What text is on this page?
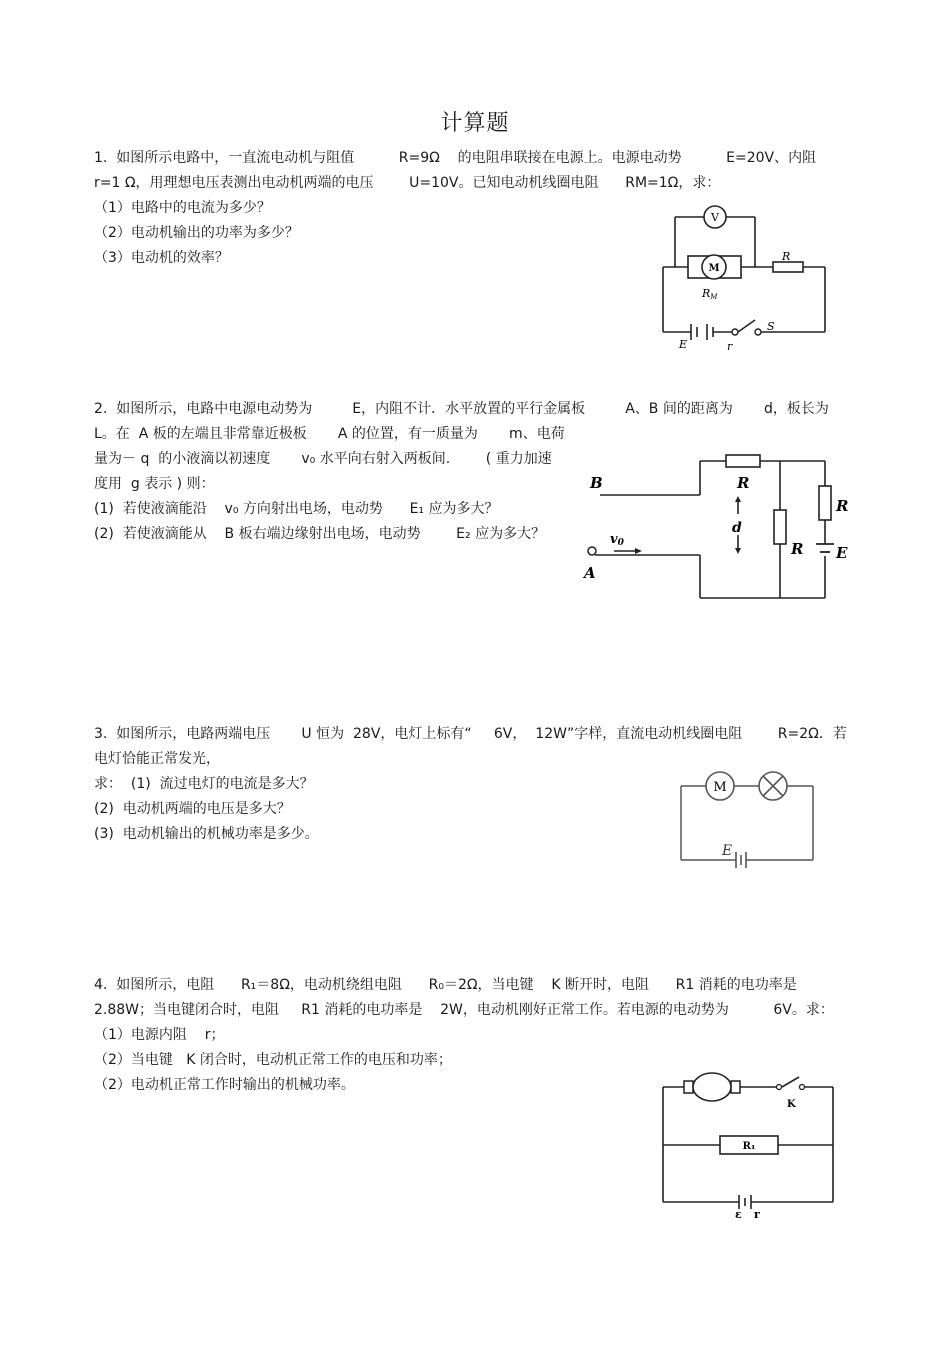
计算题
1.  如图所示电路中，一直流电动机与阻值          R=9Ω    的电阻串联接在电源上。电源电动势          E=20V、内阻
r=1 Ω，用理想电压表测出电动机两端的电压        U=10V。已知电动机线圈电阻      RM=1Ω，求：
（1）电路中的电流为多少？
（2）电动机输出的功率为多少？
（3）电动机的效率？
V
M
RM
R
E	r
S
2.  如图所示，电路中电源电动势为         E，内阻不计．水平放置的平行金属板         A、B 间的距离为       d，板长为
L。在  A 板的左端且非常靠近极板       A 的位置，有一质量为       m、电荷
量为－ q  的小液滴以初速度       v₀ 水平向右射入两板间.        ( 重力加速
度用  g 表示 ) 则：
(1)  若使液滴能沿    v₀ 方向射出电场，电动势      E₁ 应为多大？
(2)  若使液滴能从    B 板右端边缘射出电场，电动势        E₂ 应为多大？
B
A
R
R
R
d
v0
E
3.  如图所示，电路两端电压       U 恒为  28V，电灯上标有“     6V，  12W”字样，直流电动机线圈电阻        R=2Ω．若
电灯恰能正常发光，
求：  (1)  流过电灯的电流是多大？
(2)  电动机两端的电压是多大？
(3)  电动机输出的机械功率是多少。
M
E
4.  如图所示，电阻      R₁＝8Ω，电动机绕组电阻      R₀＝2Ω，当电键    K 断开时，电阻      R1 消耗的电功率是
2.88W；当电键闭合时，电阻     R1 消耗的电功率是    2W，电动机刚好正常工作。若电源的电动势为          6V。求：
（1）电源内阻    r；
（2）当电键   K 闭合时，电动机正常工作的电压和功率；
（2）电动机正常工作时输出的机械功率。
K
R₁
ε r
